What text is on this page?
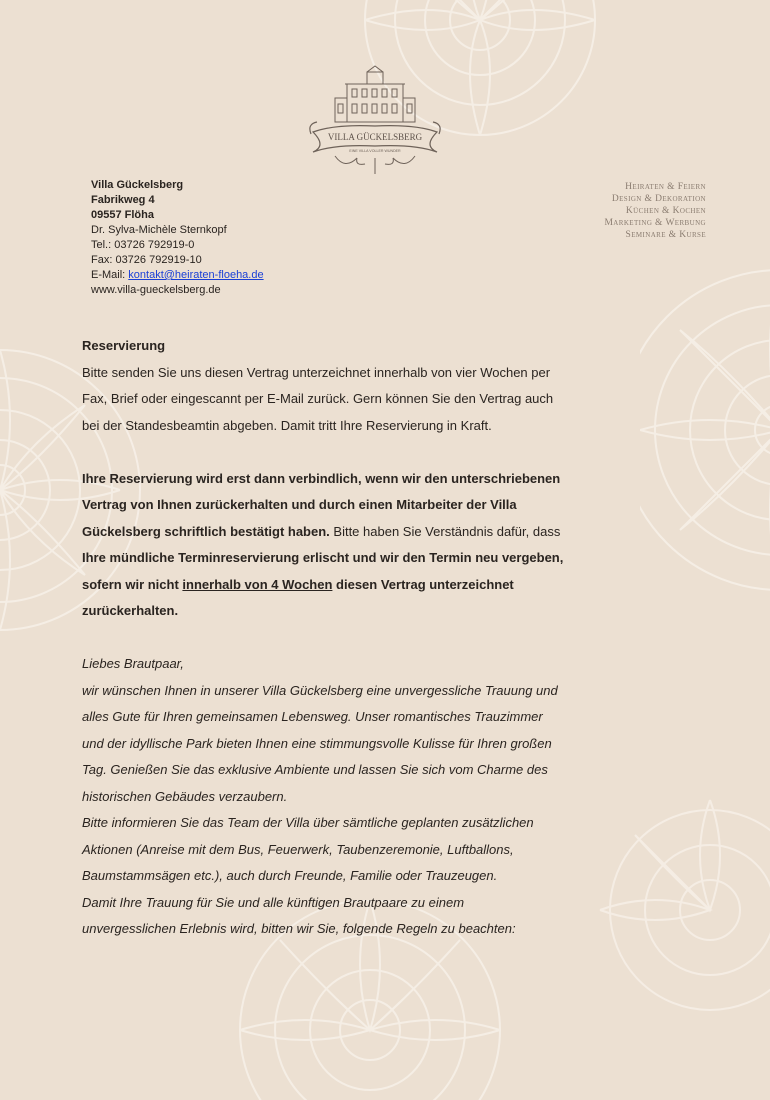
VILLA GÜCKELSBERG
EINE VILLA VOLLER WUNDER
Villa Gückelsberg
Fabrikweg 4
09557 Flöha
Dr. Sylva-Michèle Sternkopf
Tel.: 03726 792919-0
Fax: 03726 792919-10
E-Mail: kontakt@heiraten-floeha.de
www.villa-gueckelsberg.de
Heiraten & Feiern
Design & Dekoration
Küchen & Kochen
Marketing & Werbung
Seminare & Kurse

Reservierung

Bitte senden Sie uns diesen Vertrag unterzeichnet innerhalb von vier Wochen per

Fax, Brief oder eingescannt per E-Mail zurück. Gern können Sie den Vertrag auch

bei der Standesbeamtin abgeben. Damit tritt Ihre Reservierung in Kraft.

Ihre Reservierung wird erst dann verbindlich, wenn wir den unterschriebenen

Vertrag von Ihnen zurückerhalten und durch einen Mitarbeiter der Villa

Gückelsberg schriftlich bestätigt haben. Bitte haben Sie Verständnis dafür, dass

Ihre mündliche Terminreservierung erlischt und wir den Termin neu vergeben,

sofern wir nicht innerhalb von 4 Wochen diesen Vertrag unterzeichnet

zurückerhalten.

Liebes Brautpaar,

wir wünschen Ihnen in unserer Villa Gückelsberg eine unvergessliche Trauung und

alles Gute für Ihren gemeinsamen Lebensweg. Unser romantisches Trauzimmer

und der idyllische Park bieten Ihnen eine stimmungsvolle Kulisse für Ihren großen

Tag. Genießen Sie das exklusive Ambiente und lassen Sie sich vom Charme des

historischen Gebäudes verzaubern.

Bitte informieren Sie das Team der Villa über sämtliche geplanten zusätzlichen

Aktionen (Anreise mit dem Bus, Feuerwerk, Taubenzeremonie, Luftballons,

Baumstammsägen etc.), auch durch Freunde, Familie oder Trauzeugen.

Damit Ihre Trauung für Sie und alle künftigen Brautpaare zu einem

unvergesslichen Erlebnis wird, bitten wir Sie, folgende Regeln zu beachten:
